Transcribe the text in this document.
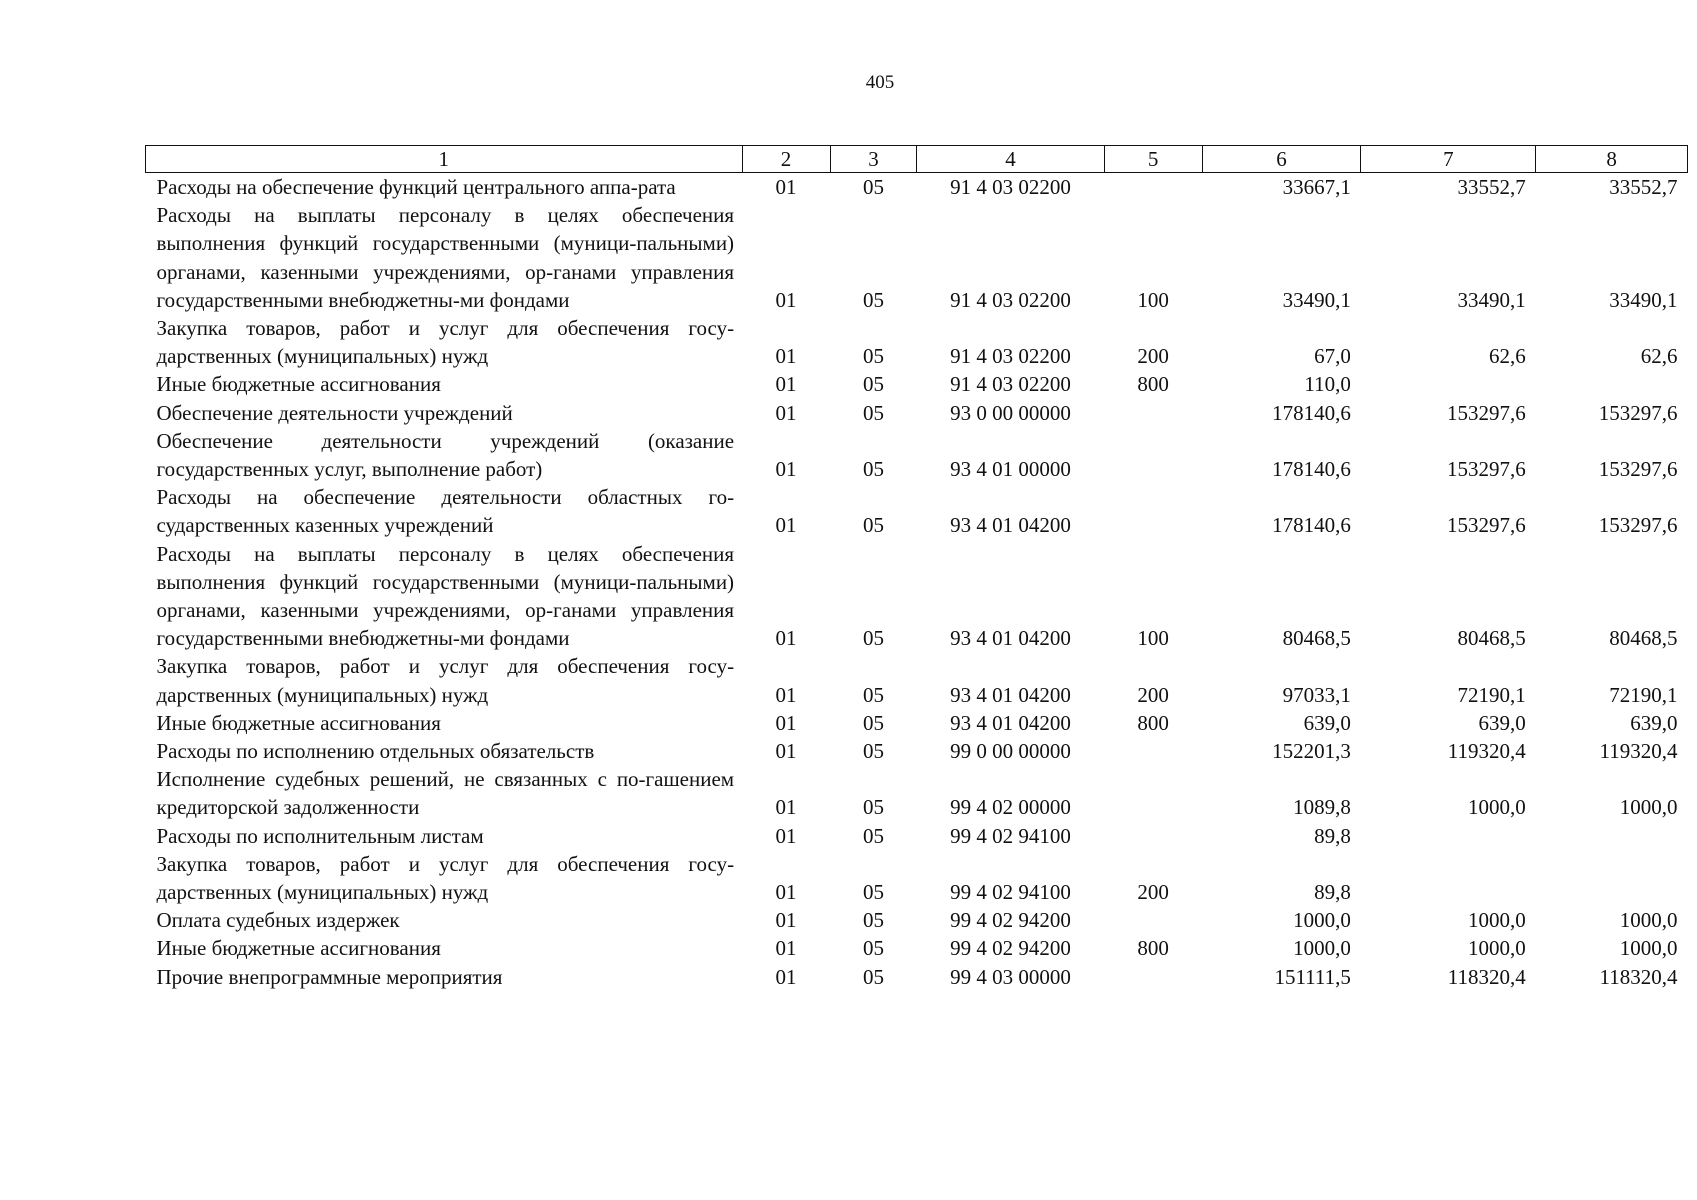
405
1	2	3	4	5	6	7	8
Расходы на обеспечение функций центрального аппа-рата	01	05	91 4 03 02200		33667,1	33552,7	33552,7
Расходы на выплаты персоналу в целях обеспечения выполнения функций государственными (муници-пальными) органами, казенными учреждениями, ор-ганами управления государственными внебюджетны-ми фондами	01	05	91 4 03 02200	100	33490,1	33490,1	33490,1
Закупка товаров, работ и услуг для обеспечения госу-дарственных (муниципальных) нужд	01	05	91 4 03 02200	200	67,0	62,6	62,6
Иные бюджетные ассигнования	01	05	91 4 03 02200	800	110,0		
Обеспечение деятельности учреждений	01	05	93 0 00 00000		178140,6	153297,6	153297,6
Обеспечение деятельности учреждений (оказание государственных услуг, выполнение работ)	01	05	93 4 01 00000		178140,6	153297,6	153297,6
Расходы на обеспечение деятельности областных го-сударственных казенных учреждений	01	05	93 4 01 04200		178140,6	153297,6	153297,6
Расходы на выплаты персоналу в целях обеспечения выполнения функций государственными (муници-пальными) органами, казенными учреждениями, ор-ганами управления государственными внебюджетны-ми фондами	01	05	93 4 01 04200	100	80468,5	80468,5	80468,5
Закупка товаров, работ и услуг для обеспечения госу-дарственных (муниципальных) нужд	01	05	93 4 01 04200	200	97033,1	72190,1	72190,1
Иные бюджетные ассигнования	01	05	93 4 01 04200	800	639,0	639,0	639,0
Расходы по исполнению отдельных обязательств	01	05	99 0 00 00000		152201,3	119320,4	119320,4
Исполнение судебных решений, не связанных с по-гашением кредиторской задолженности	01	05	99 4 02 00000		1089,8	1000,0	1000,0
Расходы по исполнительным листам	01	05	99 4 02 94100		89,8		
Закупка товаров, работ и услуг для обеспечения госу-дарственных (муниципальных) нужд	01	05	99 4 02 94100	200	89,8		
Оплата судебных издержек	01	05	99 4 02 94200		1000,0	1000,0	1000,0
Иные бюджетные ассигнования	01	05	99 4 02 94200	800	1000,0	1000,0	1000,0
Прочие внепрограммные мероприятия	01	05	99 4 03 00000		151111,5	118320,4	118320,4
